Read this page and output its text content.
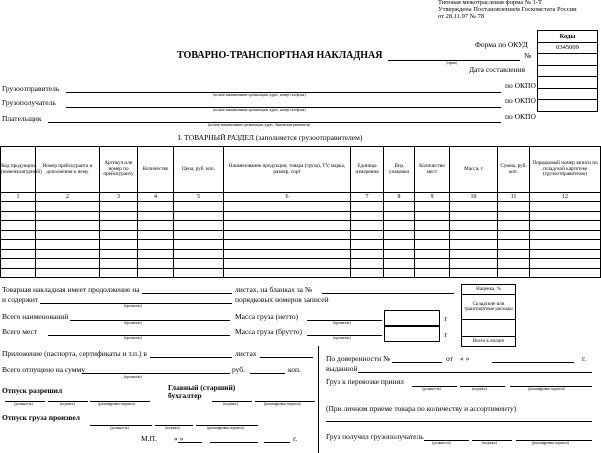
Типовая межотраслевая форма № 1-Т
Утверждена Постановлением Госкомстата России
от 28.11.97 № 78
Коды
0345009

Форма по ОКУД
№
Дата составления
по ОКПО
по ОКПО
по ОКПО
ТОВАРНО-ТРАНСПОРТНАЯ НАКЛАДНАЯ
(серия)
Грузоотправитель
(полное наименование организации, адрес, номер телефона)
Грузополучатель
(полное наименование организации, адрес, номер телефона)
Плательщик
(полное наименование организации, адрес, банковские реквизиты)
I. ТОВАРНЫЙ РАЗДЕЛ (заполняется грузоотправителем)
Код продукции (номенклатурный)	Номер прейскуранта и дополнения к нему	Артикул или номер по прейскуранту	Количество	Цена, руб. коп.	Наименование продукции, товара (груза), ТУ, марка, размер, сорт	Единица измерения	Вид упаковки	Количество мест	Масса, т	Сумма, руб. коп.	Порядковый номер записи по складской картотеке (грузоотправителю)
1	2	3	4	5	6	7	8	9	10	11	12

Товарная накладная имеет продолжение на	листах, на бланках за №
и содержит	порядковых номеров записей
(прописью)
Всего наименований
(прописью)
Масса груза (нетто)	т
(прописью)
Всего мест
(прописью)
Масса груза (брутто)	т
(прописью)
Наценка, %
Складские или транспортные расходы

Всего к оплате
Приложение (паспорта, сертификаты и т.п.) в	листах
Всего отпущено на сумму	руб.	коп.
(прописью)
Отпуск разрешил
(должность)	(подпись)	(расшифровка подписи)
Главный (старший) бухгалтер
(подпись)	(расшифровка подписи)
Отпуск груза произвел
(должность)	(подпись)	(расшифровка подписи)
М.П. « »	г.
По доверенности №	от « »	г.
выданной
Груз к перевозке принял
(должность)	(подпись)	(расшифровка подписи)
(При личном приеме товара по количеству и ассортименту)
Груз получил грузополучатель
(должность)	(подпись)	(расшифровка подписи)
